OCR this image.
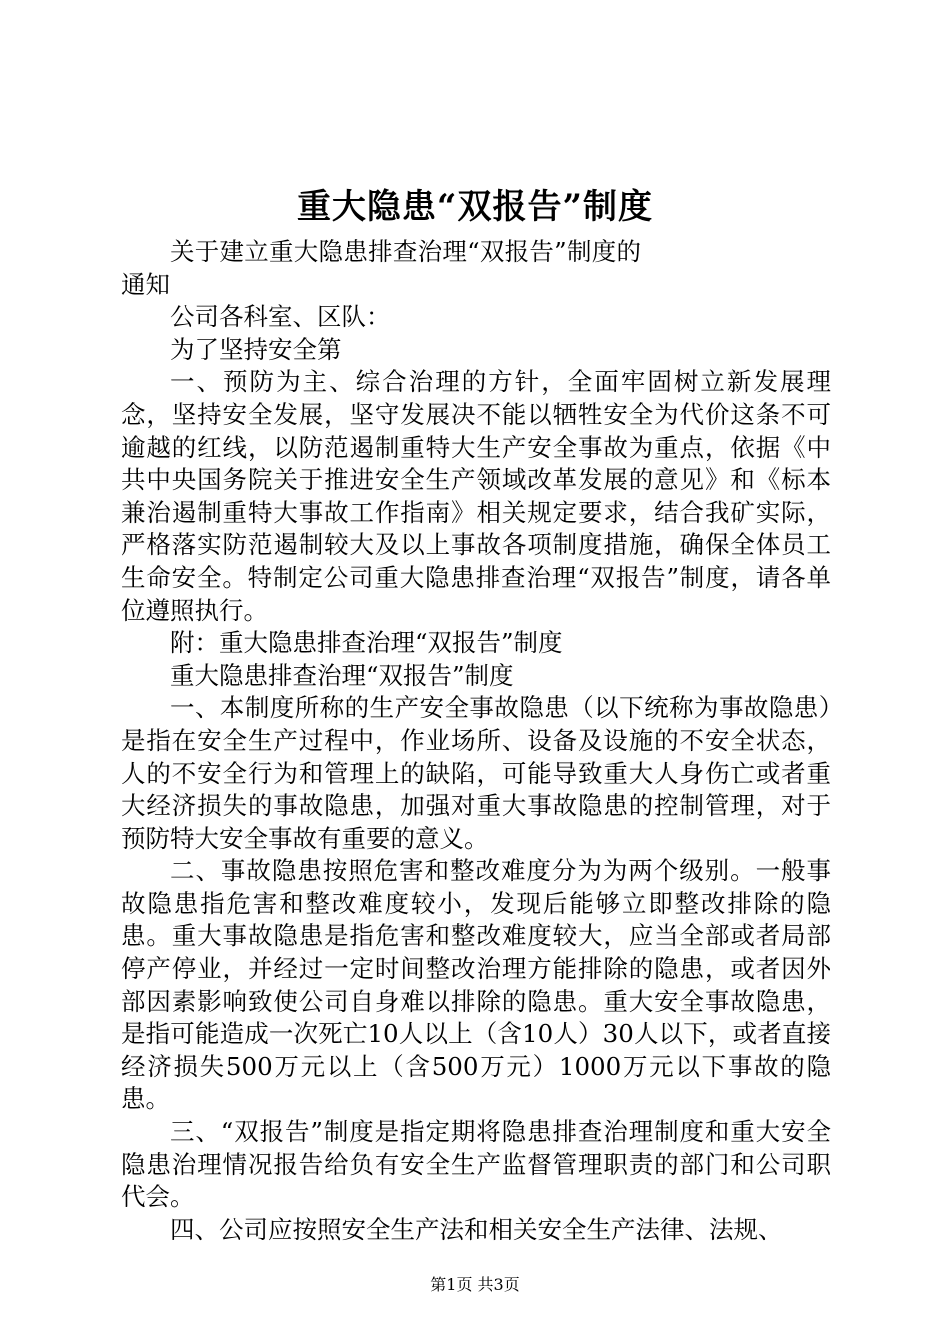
重大隐患“双报告”制度

关于建立重大隐患排查治理“双报告”制度的通知

公司各科室、区队：

为了坚持安全第

一、预防为主、综合治理的方针，全面牢固树立新发展理念，坚持安全发展，坚守发展决不能以牺牲安全为代价这条不可逾越的红线，以防范遏制重特大生产安全事故为重点，依据《中共中央国务院关于推进安全生产领域改革发展的意见》和《标本兼治遏制重特大事故工作指南》相关规定要求，结合我矿实际，严格落实防范遏制较大及以上事故各项制度措施，确保全体员工生命安全。特制定公司重大隐患排查治理“双报告”制度，请各单位遵照执行。

附：重大隐患排查治理“双报告”制度

重大隐患排查治理“双报告”制度

一、本制度所称的生产安全事故隐患（以下统称为事故隐患）是指在安全生产过程中，作业场所、设备及设施的不安全状态，人的不安全行为和管理上的缺陷，可能导致重大人身伤亡或者重大经济损失的事故隐患，加强对重大事故隐患的控制管理，对于预防特大安全事故有重要的意义。

二、事故隐患按照危害和整改难度分为为两个级别。一般事故隐患指危害和整改难度较小，发现后能够立即整改排除的隐患。重大事故隐患是指危害和整改难度较大，应当全部或者局部停产停业，并经过一定时间整改治理方能排除的隐患，或者因外部因素影响致使公司自身难以排除的隐患。重大安全事故隐患，是指可能造成一次死亡10人以上（含10人）30人以下，或者直接经济损失500万元以上（含500万元）1000万元以下事故的隐患。

三、“双报告”制度是指定期将隐患排查治理制度和重大安全隐患治理情况报告给负有安全生产监督管理职责的部门和公司职代会。

四、公司应按照安全生产法和相关安全生产法律、法规、

第1页 共3页
